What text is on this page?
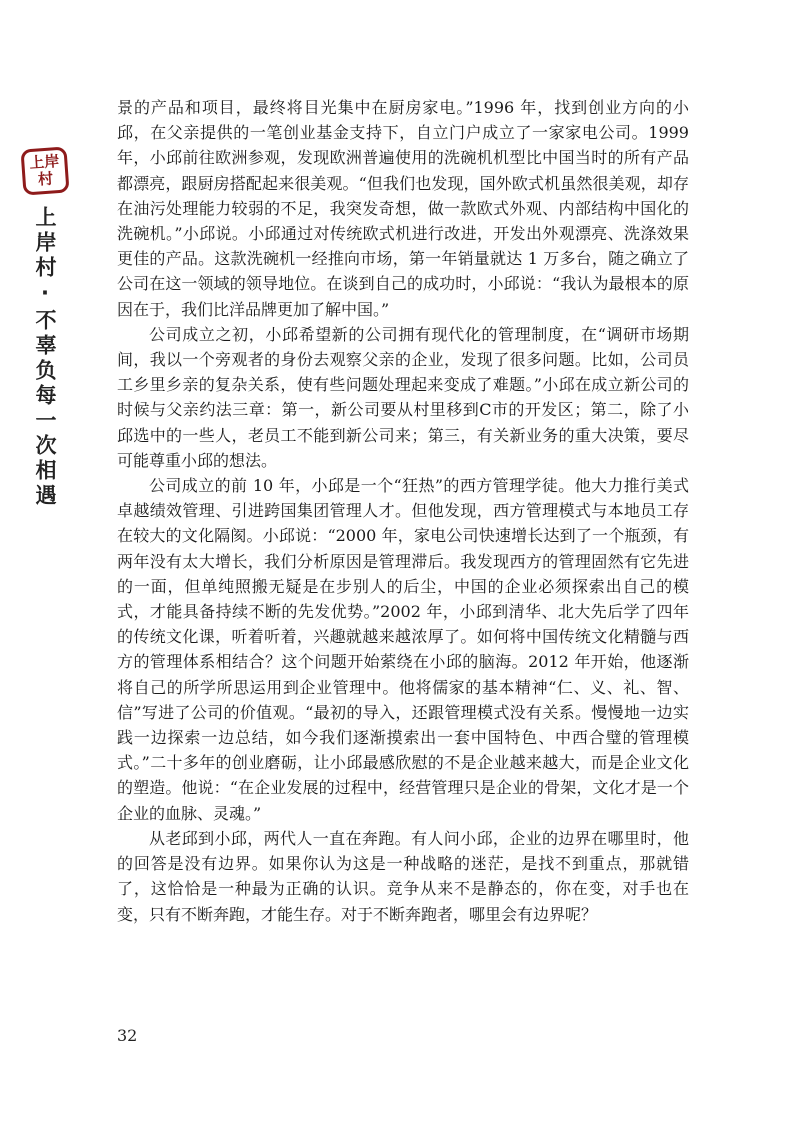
上岸
村
上岸村·不辜负每一次相遇

景的产品和项目，最终将目光集中在厨房家电。”1996 年，找到创业方向的小邱，在父亲提供的一笔创业基金支持下，自立门户成立了一家家电公司。1999 年，小邱前往欧洲参观，发现欧洲普遍使用的洗碗机机型比中国当时的所有产品都漂亮，跟厨房搭配起来很美观。“但我们也发现，国外欧式机虽然很美观，却存在油污处理能力较弱的不足，我突发奇想，做一款欧式外观、内部结构中国化的洗碗机。”小邱说。小邱通过对传统欧式机进行改进，开发出外观漂亮、洗涤效果更佳的产品。这款洗碗机一经推向市场，第一年销量就达 1 万多台，随之确立了公司在这一领域的领导地位。在谈到自己的成功时，小邱说：“我认为最根本的原因在于，我们比洋品牌更加了解中国。”

公司成立之初，小邱希望新的公司拥有现代化的管理制度，在“调研市场期间，我以一个旁观者的身份去观察父亲的企业，发现了很多问题。比如，公司员工乡里乡亲的复杂关系，使有些问题处理起来变成了难题。”小邱在成立新公司的时候与父亲约法三章：第一，新公司要从村里移到C市的开发区；第二，除了小邱选中的一些人，老员工不能到新公司来；第三，有关新业务的重大决策，要尽可能尊重小邱的想法。

公司成立的前 10 年，小邱是一个“狂热”的西方管理学徒。他大力推行美式卓越绩效管理、引进跨国集团管理人才。但他发现，西方管理模式与本地员工存在较大的文化隔阂。小邱说：“2000 年，家电公司快速增长达到了一个瓶颈，有两年没有太大增长，我们分析原因是管理滞后。我发现西方的管理固然有它先进的一面，但单纯照搬无疑是在步别人的后尘，中国的企业必须探索出自己的模式，才能具备持续不断的先发优势。”2002 年，小邱到清华、北大先后学了四年的传统文化课，听着听着，兴趣就越来越浓厚了。如何将中国传统文化精髓与西方的管理体系相结合？这个问题开始萦绕在小邱的脑海。2012 年开始，他逐渐将自己的所学所思运用到企业管理中。他将儒家的基本精神“仁、义、礼、智、信”写进了公司的价值观。“最初的导入，还跟管理模式没有关系。慢慢地一边实践一边探索一边总结，如今我们逐渐摸索出一套中国特色、中西合璧的管理模式。”二十多年的创业磨砺，让小邱最感欣慰的不是企业越来越大，而是企业文化的塑造。他说：“在企业发展的过程中，经营管理只是企业的骨架，文化才是一个企业的血脉、灵魂。”

从老邱到小邱，两代人一直在奔跑。有人问小邱，企业的边界在哪里时，他的回答是没有边界。如果你认为这是一种战略的迷茫，是找不到重点，那就错了，这恰恰是一种最为正确的认识。竞争从来不是静态的，你在变，对手也在变，只有不断奔跑，才能生存。对于不断奔跑者，哪里会有边界呢？

32
